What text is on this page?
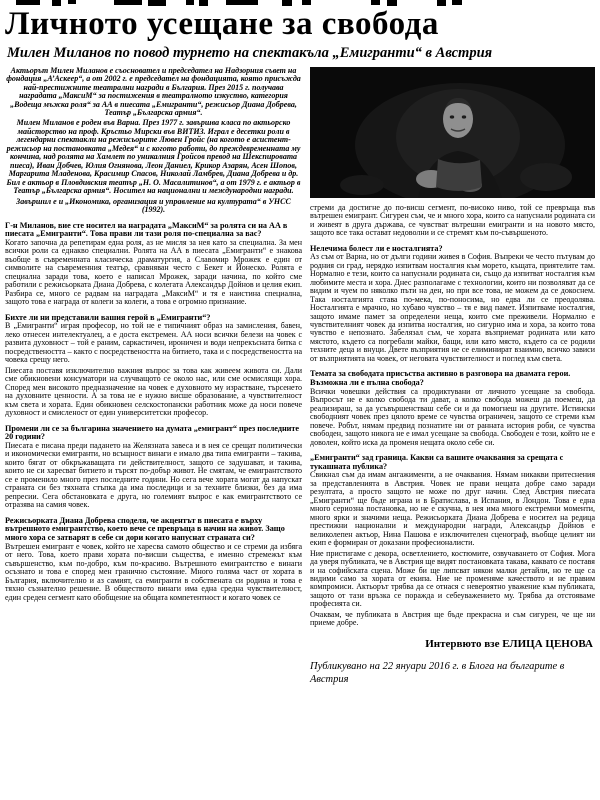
Личното усещане за свобода
Милен Миланов по повод турнето на спектакъла „Емигранти“ в Австрия

Актьорът Милен Миланов е съосновател и председател на Надзорния съвет на фондация „А’Аскеер“, а от 2002 г. е председател на фондацията, която присъжда най-престижните театрални награди в България. През 2015 г. получава наградата „МаксиМ“ за постижения в театралното изкуство, категория „Водеща мъжка роля“ за АА в пиесата „Емигранти“, режисьор Диана Добрева, Театър „Българска армия“.

Милен Миланов е роден във Варна. През 1977 г. завършва класа по актьорско майсторство на проф. Кръстьо Мирски във ВИТИЗ. Играл е десетки роли в легендарни спектакли на режисьорите Лювен Гройс (на когото е асистент-режисьор на постановката „Медея“ и с когото работи, до преждевременната му кончина, над ролята на Хамлет по уникалния Гройсов превод на Шекспировата пиеса), Иван Добчев, Юлия Огнянова, Леон Даниел, Крикор Азарян, Асен Шопов, Маргарита Младенова, Красимир Спасов, Николай Ламбрев, Диана Добрева и др. Бил е актьор в Пловдивския театър „Н. О. Масалитинов“, а от 1979 г. е актьор в Театър „Българска армия“. Носител на национални и международни награди.

Завършил е и „Икономика, организация и управление на културата“ в УНСС (1992).

Г-н Миланов, вие сте носител на наградата „МаксиМ“ за ролята си на АА в пиесата „Емигранти“. Това прави ли тази роля по-специална за вас?

Когато започна да репетирам една роля, аз не мисля за нея като за специална. За мен всички роли са еднакво специални. Ролята на АА в пиесата „Емигранти“ е знакова въобще в съвременната класическа драматургия, а Славомир Мрожек е един от символите на съвременния театър, сравняван често с Бекет и Йонеско. Ролята е специална заради това, което е написал Мрожек, заради начина, по който сме работили с режисьорката Диана Добрева, с колегата Александър Дойнов и целия екип. Разбира се, много се радвам на наградата „МаксиМ“ и тя е наистина специална, защото това е награда от колеги за колеги, а това е огромно признание.

Бихте ли ни представили вашия герой в „Емигранти“?

В „Емигранти“ играя професор, но той не е типичният образ на замисления, бавен, леко отнесен интелектуалец, а е доста екстремен. АА носи всички белези на човек с развита духовност – той е раним, саркастичен, ироничен и води непрекъсната битка с посредствеността – както с посредствеността на битието, така и с посредствеността на човека срещу него.

Пиесата поставя изключително важния въпрос за това как живеем живота си. Дали сме обикновени консуматори на случващото се около нас, или сме осмислящи хора. Според мен високото предназначение на човек е духовното му израстване, търсенето на духовните ценности. А за това не е нужно висше образование, а чувствителност към света и хората. Един обикновен селскостопански работник може да носи повече духовност и смисленост от един университетски професор.

Промени ли се за българина значението на думата „емигрант“ през последните 20 години?

Пиесата е писана преди падането на Желязната завеса и в нея се срещат политически и икономически емигранти, но всъщност винаги е имало два типа емигранти – такива, които бягат от обкръжаващата ги действителност, защото се задушават, и такива, които не си харесват битието и търсят по-добър живот. Не смятам, че емигрантството се е променило много през последните години. Но сега вече хората могат да напускат страната си без тяхната стъпка да има последици и за техните близки, без да има репресии. Сега обстановката е друга, но големият въпрос е как емигрантството се отразява на самия човек.

Режисьорката Диана Добрева споделя, че акцентът в пиесата е върху вътрешното емигрантство, което вече се превръща в начин на живот. Защо много хора се затварят в себе си дори когато напуснат страната си?

Вътрешен емигрант е човек, който не харесва самото общество и се стреми да избяга от него. Това, което прави хората по-висши същества, е именно стремежът към съвършенство, към по-добро, към по-красиво. Вътрешното емигрантство е винаги осъзнато и това е според мен гранично състояние. Много голяма част от хората в България, включително и аз самият, са емигранти в собствената си родина и това е тяхно съзнателно решение. В обществото винаги има една средна чувствителност, един среден сегмент като обобщение на общата компетентност и когато човек се

стреми да достигне до по-висш сегмент, по-високо ниво, той се превръща във вътрешен емигрант. Сигурен съм, че и много хора, които са напуснали родината си и живеят в друга държава, се чувстват вътрешни емигранти и на новото място, защото все така остават недоволни и се стремят към по-съвършеното.

Нелечима болест ли е носталгията?

Аз съм от Варна, но от дълги години живея в София. Въпреки че често пътувам до родния си град, нерядко изпитвам носталгия към морето, къщата, приятелите там. Нормално е тези, които са напуснали родината си, също да изпитват носталгия към любимите места и хора. Днес разполагаме с технологии, които ни позволяват да се видим и чуем по няколко пъти на ден, но при все това, не можем да се докоснем. Така носталгията става по-мека, по-поносима, но едва ли се преодолява. Носталгията е мрачно, но хубаво чувство – тя е вид памет. Изпитваме носталгия, защото имаме памет за определени неща, които сме преживели. Нормално е чувствителният човек да изпитва носталгия, но сигурно има и хора, за които това чувство е непознато. Забелязал съм, че хората възприемат родината или като мястото, където са погребали майки, бащи, или като място, където са се родили техните деца и внуци. Двете възприятия не се елиминират взаимно, всичко зависи от възприятията на човек, от неговата чувствителност и поглед към света.

Темата за свободата присъства активно в разговора на двамата герои. Възможна ли е пълна свобода?

Всички човешки действия са продиктувани от личното усещане за свобода. Въпросът не е колко свобода ти дават, а колко свобода можеш да поемеш, да реализираш, за да усъвършенстваш себе си и да помогнеш на другите. Истински свободният човек през цялото време се чувства ограничен, защото се стреми към повече. Робът, нямам предвид познатите ни от ранната история роби, се чувства свободен, защото никога не е имал усещане за свобода. Свободен е този, който не е доволен, който иска да променя нещата около себе си.

„Емигранти“ зад граница. Какви са вашите очаквания за срещата с тукашната публика?

Свикнал съм да имам ангажименти, а не очаквания. Нямам никакви притеснения за представленията в Австрия. Човек не прави нещата добре само заради резултата, а просто защото не може по друг начин. След Австрия пиесата „Емигранти“ ще бъде играна и в Братислава, в Испания, в Лондон. Това е една много сериозна постановка, но не е скучна, в нея има много екстремни моменти, много ярки и значими неща. Режисьорката Диана Добрева е носител на редица престижни национални и международни награди, Александър Дойнов е великолепен актьор, Нина Пашова е изключителен сценограф, въобще целият ни екип е формиран от доказани професионалисти.

Ние пристигаме с декора, осветлението, костюмите, озвучаването от София. Мога да уверя публиката, че в Австрия ще видят постановката такава, каквато се поставя и на софийската сцена. Може би ще липсват някои малки детайли, но те ще са видими само за хората от екипа. Ние не променяме качеството и не правим компромиси. Актьорът трябва да се отнася с невероятно уважение към публиката, защото от тази връзка се поражда и себеуважението му. Трябва да отстояваме професията си.

Очаквам, че публиката в Австрия ще бъде прекрасна и съм сигурен, че ще ни приеме добре.

Интервюто взе ЕЛИЦА ЦЕНОВА
Публикувано на 22 януари 2016 г. в Блога на българите в Австрия
